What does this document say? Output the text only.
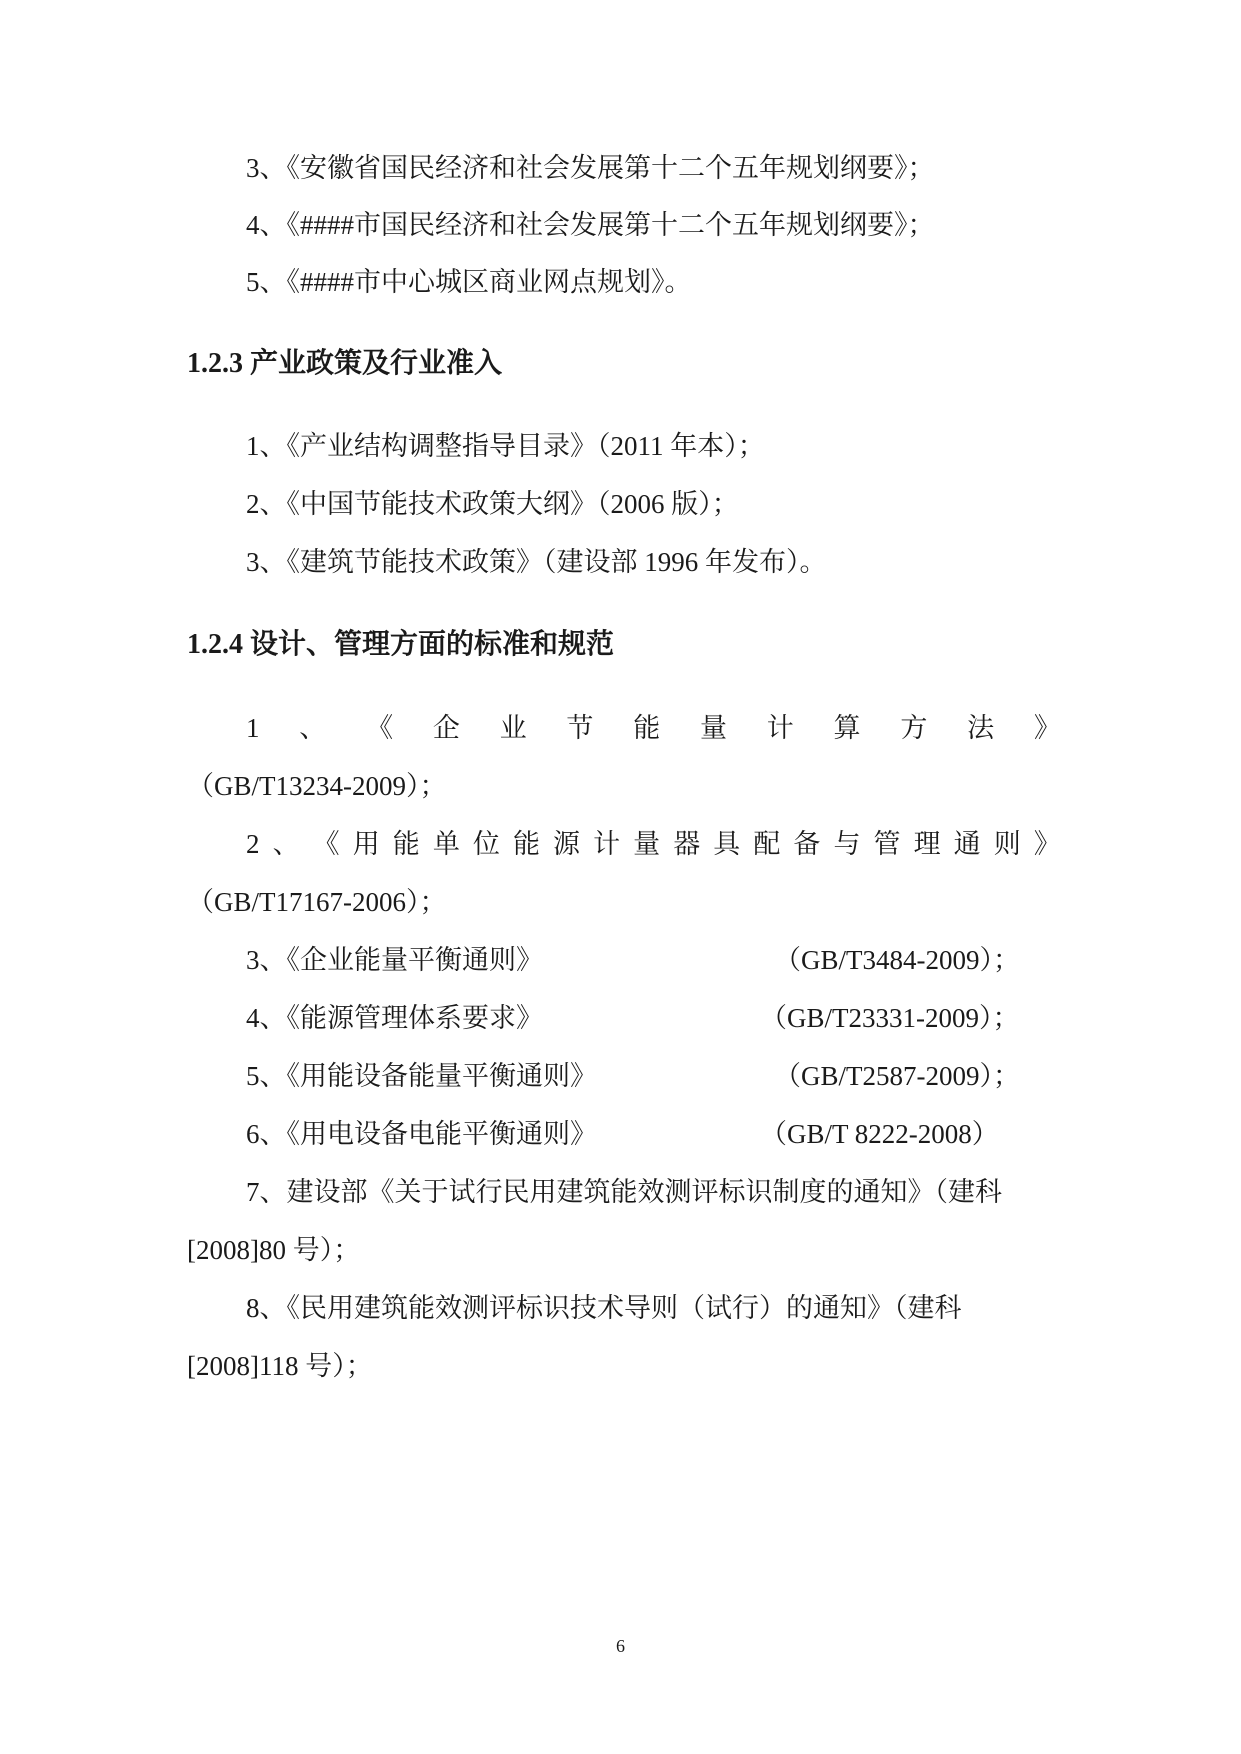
3、《安徽省国民经济和社会发展第十二个五年规划纲要》；
4、《####市国民经济和社会发展第十二个五年规划纲要》；
5、《####市中心城区商业网点规划》。
1.2.3 产业政策及行业准入
1、《产业结构调整指导目录》（2011 年本）；
2、《中国节能技术政策大纲》（2006 版）；
3、《建筑节能技术政策》（建设部 1996 年发布）。
1.2.4 设计、管理方面的标准和规范
1 、 《 企 业 节 能 量 计 算 方 法 》
（GB/T13234-2009）；
2 、 《 用 能 单 位 能 源 计 量 器 具 配 备 与 管 理 通 则 》
（GB/T17167-2006）；
3、《企业能量平衡通则》	（GB/T3484-2009）；
4、《能源管理体系要求》	（GB/T23331-2009）；
5、《用能设备能量平衡通则》	（GB/T2587-2009）；
6、《用电设备电能平衡通则》	（GB/T 8222-2008）
7、建设部《关于试行民用建筑能效测评标识制度的通知》（建科
[2008]80 号）；
8、《民用建筑能效测评标识技术导则（试行）的通知》（建科
[2008]118 号）；
6
